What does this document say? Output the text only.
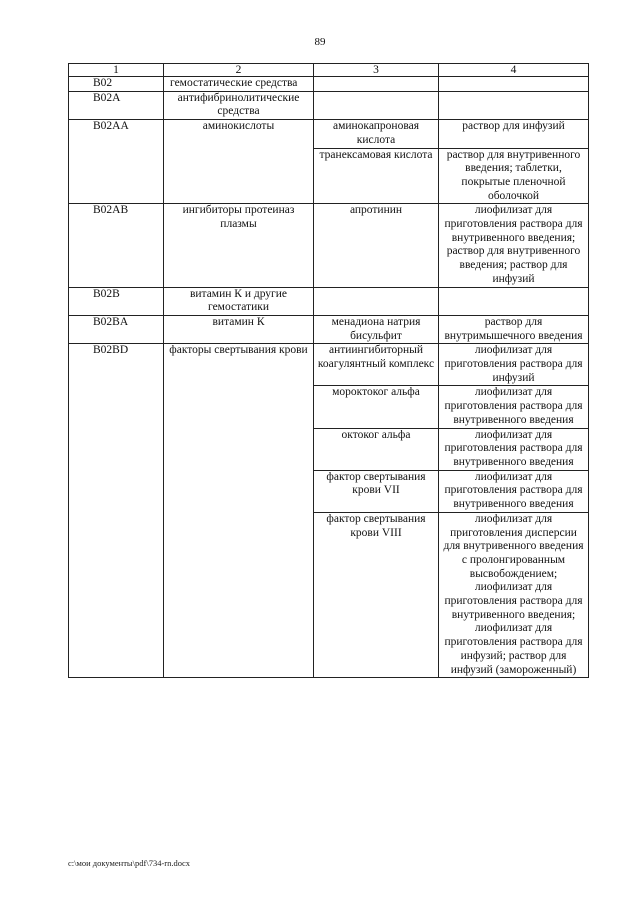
89
1	2	3	4
B02	гемостатические средства		
B02A	антифибринолитические средства		
B02AA	аминокислоты	аминокапроновая кислота	раствор для инфузий
		транексамовая кислота	раствор для внутривенного введения; таблетки, покрытые пленочной оболочкой
B02AB	ингибиторы протеиназ плазмы	апротинин	лиофилизат для приготовления раствора для внутривенного введения; раствор для внутривенного введения; раствор для инфузий
B02B	витамин К и другие гемостатики		
B02BA	витамин К	менадиона натрия бисульфит	раствор для внутримышечного введения
B02BD	факторы свертывания крови	антиингибиторный коагулянтный комплекс	лиофилизат для приготовления раствора для инфузий
		мороктоког альфа	лиофилизат для приготовления раствора для внутривенного введения
		октоког альфа	лиофилизат для приготовления раствора для внутривенного введения
		фактор свертывания крови VII	лиофилизат для приготовления раствора для внутривенного введения
		фактор свертывания крови VIII	лиофилизат для приготовления дисперсии для внутривенного введения с пролонгированным высвобождением; лиофилизат для приготовления раствора для внутривенного введения; лиофилизат для приготовления раствора для инфузий; раствор для инфузий (замороженный)
c:\мои документы\pdf\734-rn.docx
